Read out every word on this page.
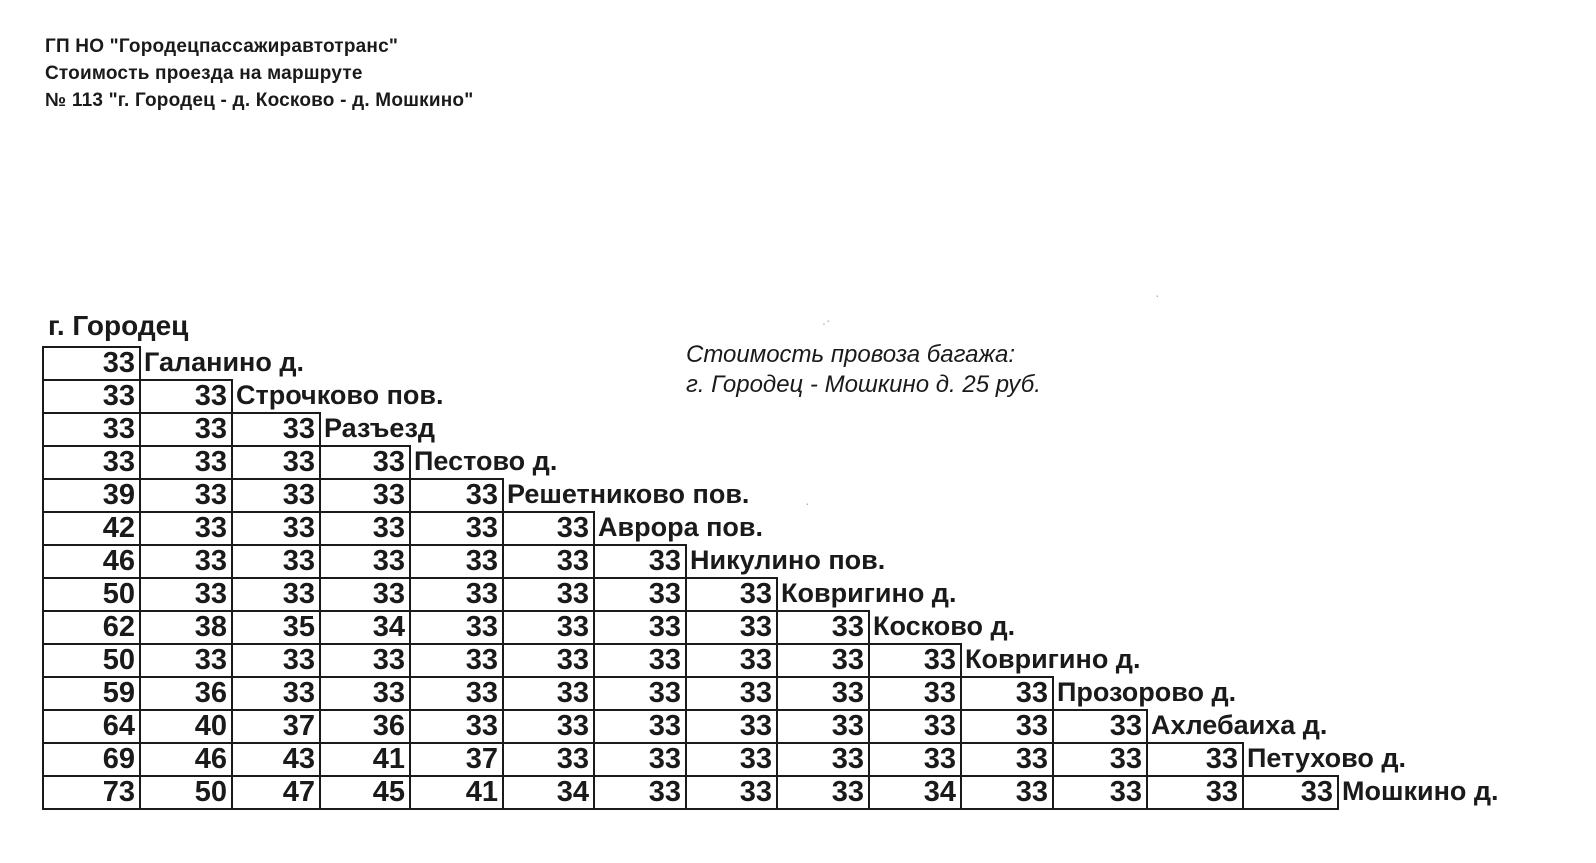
ГП НО "Городецпассажиравтотранс"
Стоимость проезда на маршруте
№ 113 "г. Городец - д. Косково - д. Мошкино"
г. Городец
Стоимость провоза багажа:
г. Городец - Мошкино д. 25 руб.
33 Галанино д.
33	33 Строчково пов.
33	33	33 Разъезд
33	33	33	33 Пестово д.
39	33	33	33	33 Решетниково пов.
42	33	33	33	33	33 Аврора пов.
46	33	33	33	33	33	33 Никулино пов.
50	33	33	33	33	33	33	33 Ковригино д.
62	38	35	34	33	33	33	33	33 Косково д.
50	33	33	33	33	33	33	33	33	33 Ковригино д.
59	36	33	33	33	33	33	33	33	33	33 Прозорово д.
64	40	37	36	33	33	33	33	33	33	33	33 Ахлебаиха д.
69	46	43	41	37	33	33	33	33	33	33	33	33 Петухово д.
73	50	47	45	41	34	33	33	33	34	33	33	33	33 Мошкино д.
.·
·
·
